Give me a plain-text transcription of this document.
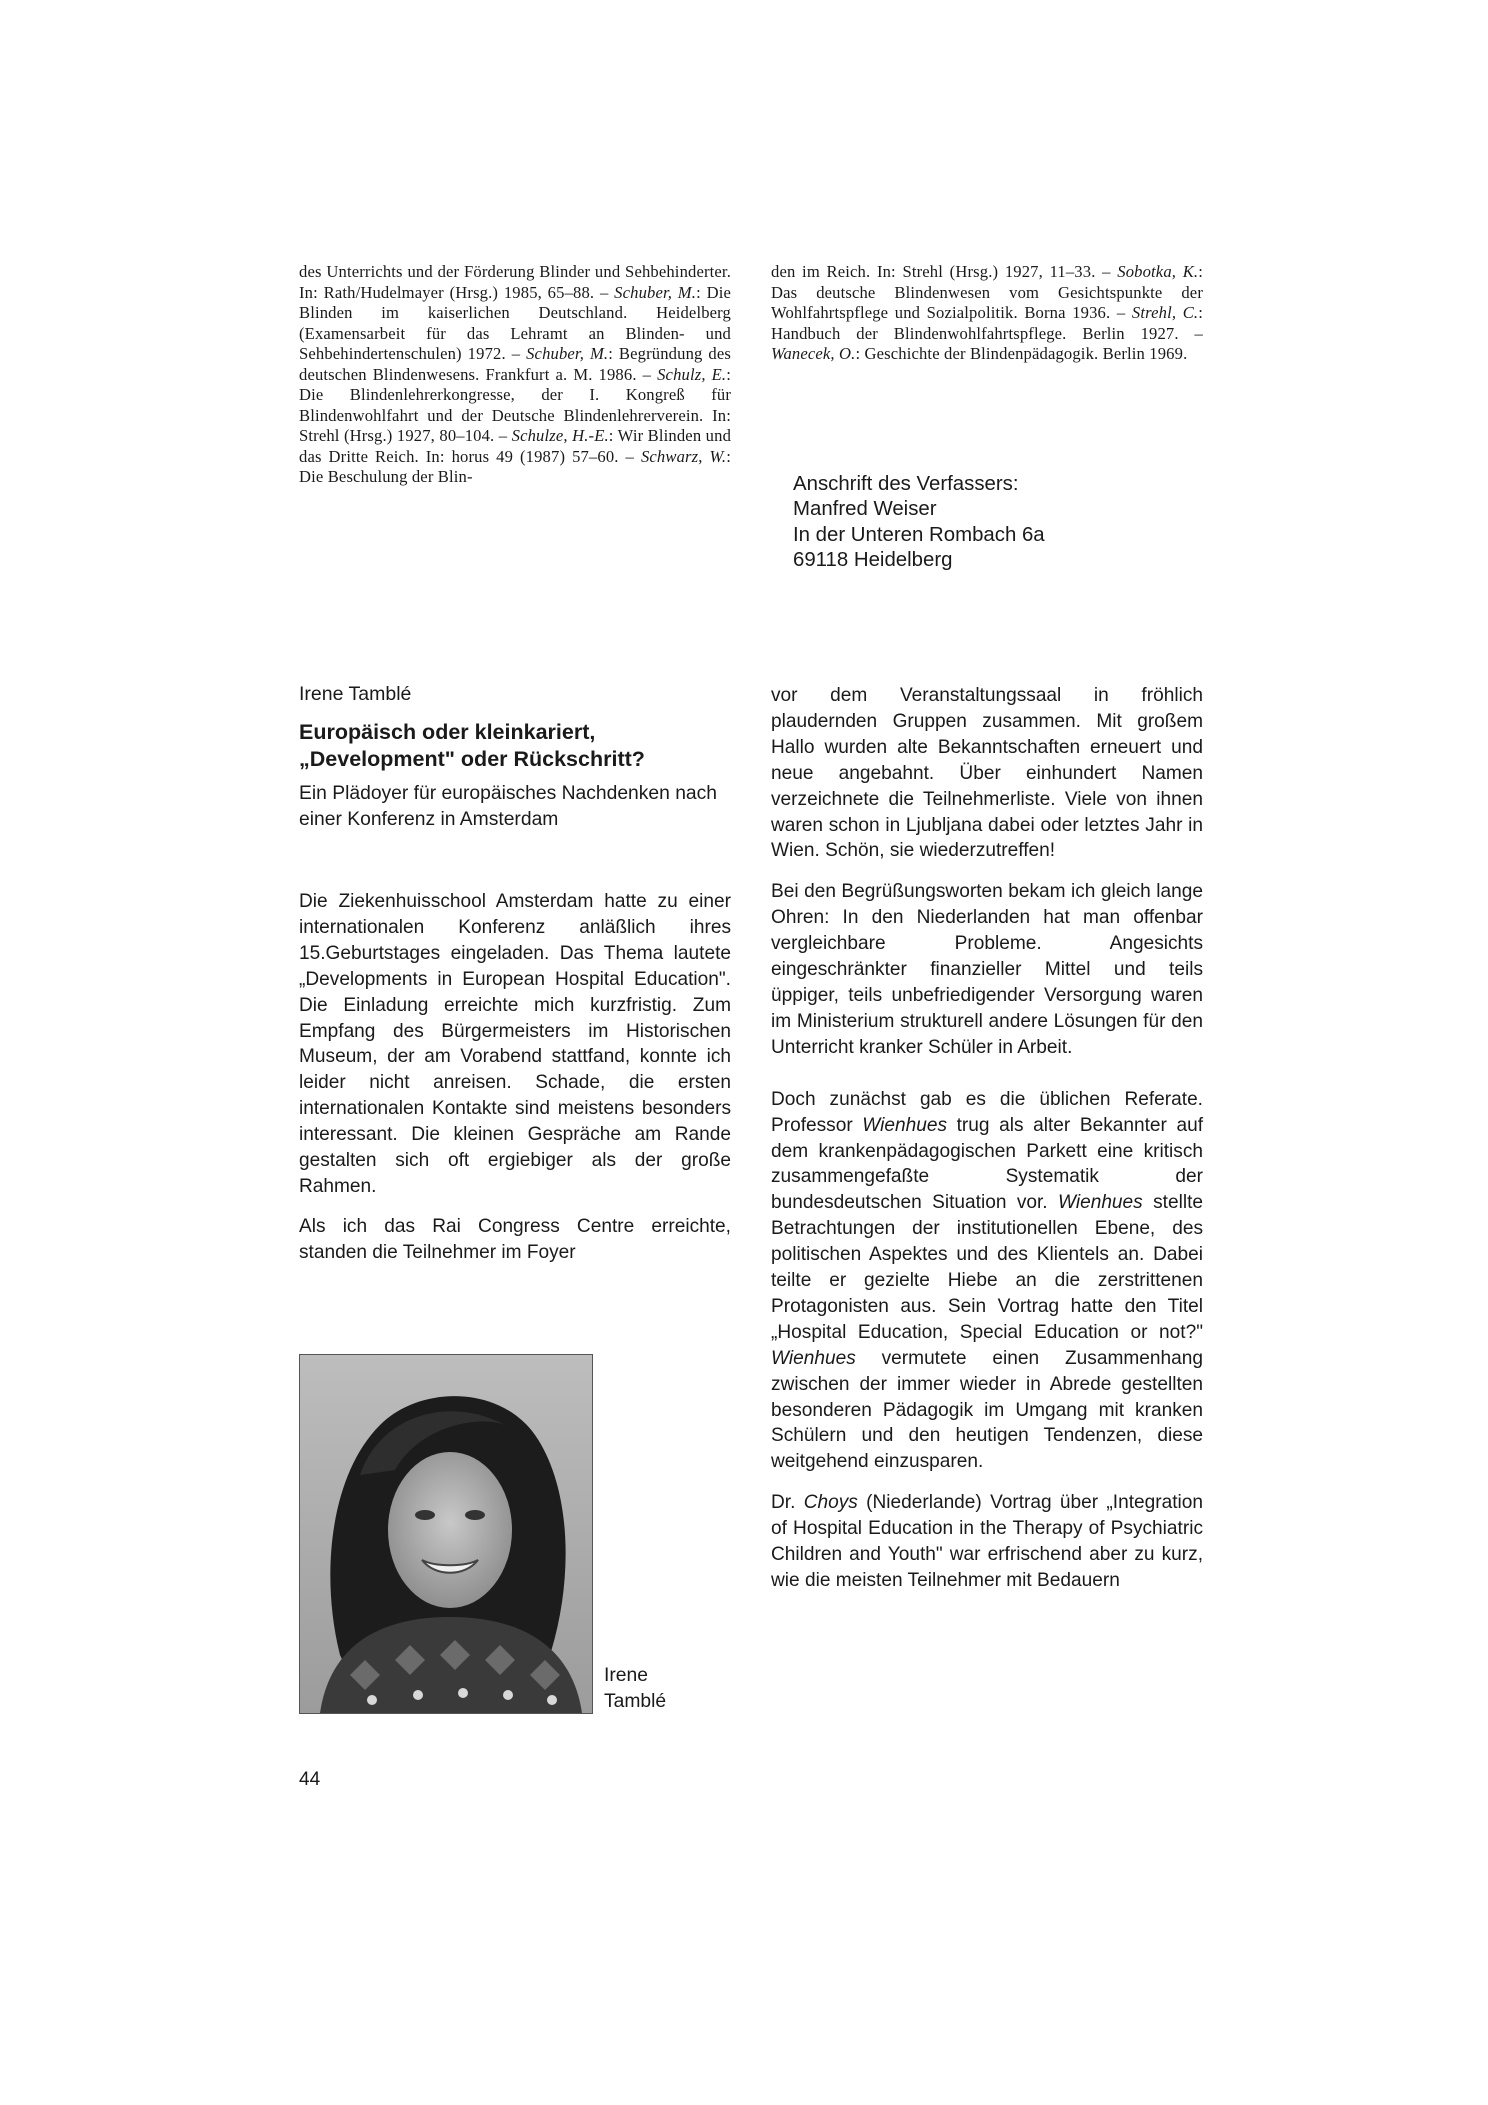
des Unterrichts und der Förderung Blinder und Sehbehinderter. In: Rath/Hudelmayer (Hrsg.) 1985, 65–88. – Schuber, M.: Die Blinden im kaiserlichen Deutschland. Heidelberg (Examensarbeit für das Lehramt an Blinden- und Sehbehindertenschulen) 1972. – Schuber, M.: Begründung des deutschen Blindenwesens. Frankfurt a. M. 1986. – Schulz, E.: Die Blindenlehrerkongresse, der I. Kongreß für Blindenwohlfahrt und der Deutsche Blindenlehrerverein. In: Strehl (Hrsg.) 1927, 80–104. – Schulze, H.-E.: Wir Blinden und das Dritte Reich. In: horus 49 (1987) 57–60. – Schwarz, W.: Die Beschulung der Blin-
den im Reich. In: Strehl (Hrsg.) 1927, 11–33. – Sobotka, K.: Das deutsche Blindenwesen vom Gesichtspunkte der Wohlfahrtspflege und Sozialpolitik. Borna 1936. – Strehl, C.: Handbuch der Blindenwohlfahrtspflege. Berlin 1927. – Wanecek, O.: Geschichte der Blindenpädagogik. Berlin 1969.
Anschrift des Verfassers:
Manfred Weiser
In der Unteren Rombach 6a
69118 Heidelberg
Irene Tamblé
Europäisch oder kleinkariert, „Development" oder Rückschritt?

Ein Plädoyer für europäisches Nachdenken nach einer Konferenz in Amsterdam

Die Ziekenhuisschool Amsterdam hatte zu einer internationalen Konferenz anläßlich ihres 15.Geburtstages eingeladen. Das Thema lautete „Developments in European Hospital Education". Die Einladung erreichte mich kurzfristig. Zum Empfang des Bürgermeisters im Historischen Museum, der am Vorabend stattfand, konnte ich leider nicht anreisen. Schade, die ersten internationalen Kontakte sind meistens besonders interessant. Die kleinen Gespräche am Rande gestalten sich oft ergiebiger als der große Rahmen.

Als ich das Rai Congress Centre erreichte, standen die Teilnehmer im Foyer

vor dem Veranstaltungssaal in fröhlich plaudernden Gruppen zusammen. Mit großem Hallo wurden alte Bekanntschaften erneuert und neue angebahnt. Über einhundert Namen verzeichnete die Teilnehmerliste. Viele von ihnen waren schon in Ljubljana dabei oder letztes Jahr in Wien. Schön, sie wiederzutreffen!

Bei den Begrüßungsworten bekam ich gleich lange Ohren: In den Niederlanden hat man offenbar vergleichbare Probleme. Angesichts eingeschränkter finanzieller Mittel und teils üppiger, teils unbefriedigender Versorgung waren im Ministerium strukturell andere Lösungen für den Unterricht kranker Schüler in Arbeit.

Doch zunächst gab es die üblichen Referate. Professor Wienhues trug als alter Bekannter auf dem krankenpädagogischen Parkett eine kritisch zusammengefaßte Systematik der bundesdeutschen Situation vor. Wienhues stellte Betrachtungen der institutionellen Ebene, des politischen Aspektes und des Klientels an. Dabei teilte er gezielte Hiebe an die zerstrittenen Protagonisten aus. Sein Vortrag hatte den Titel „Hospital Education, Special Education or not?" Wienhues vermutete einen Zusammenhang zwischen der immer wieder in Abrede gestellten besonderen Pädagogik im Umgang mit kranken Schülern und den heutigen Tendenzen, diese weitgehend einzusparen.

Dr. Choys (Niederlande) Vortrag über „Integration of Hospital Education in the Therapy of Psychiatric Children and Youth" war erfrischend aber zu kurz, wie die meisten Teilnehmer mit Bedauern

Irene
Tamblé
44
